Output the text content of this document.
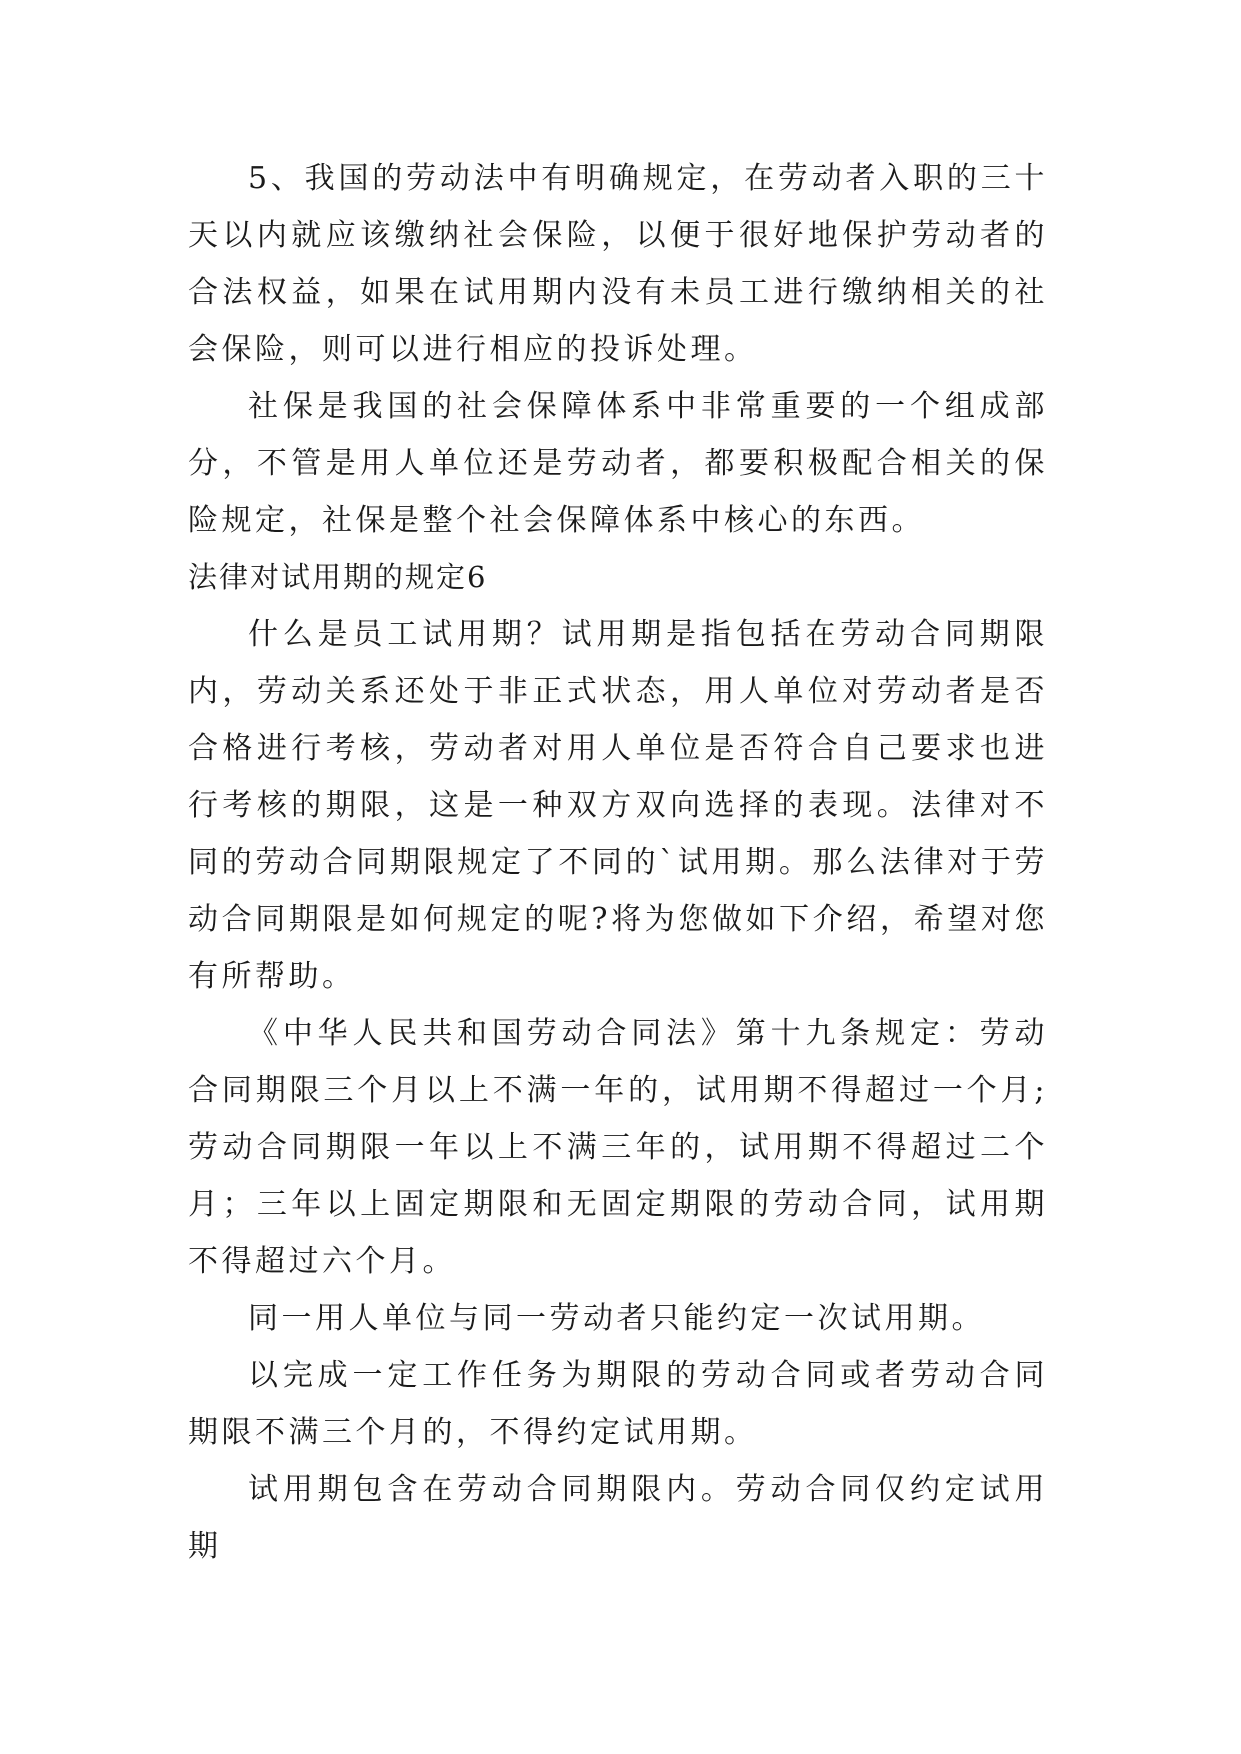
5、我国的劳动法中有明确规定，在劳动者入职的三十天以内就应该缴纳社会保险，以便于很好地保护劳动者的合法权益，如果在试用期内没有未员工进行缴纳相关的社会保险，则可以进行相应的投诉处理。

社保是我国的社会保障体系中非常重要的一个组成部分，不管是用人单位还是劳动者，都要积极配合相关的保险规定，社保是整个社会保障体系中核心的东西。

法律对试用期的规定6

什么是员工试用期？试用期是指包括在劳动合同期限内，劳动关系还处于非正式状态，用人单位对劳动者是否合格进行考核，劳动者对用人单位是否符合自己要求也进行考核的期限，这是一种双方双向选择的表现。法律对不同的劳动合同期限规定了不同的`试用期。那么法律对于劳动合同期限是如何规定的呢?将为您做如下介绍，希望对您有所帮助。

《中华人民共和国劳动合同法》第十九条规定：劳动合同期限三个月以上不满一年的，试用期不得超过一个月;劳动合同期限一年以上不满三年的，试用期不得超过二个月；三年以上固定期限和无固定期限的劳动合同，试用期不得超过六个月。

同一用人单位与同一劳动者只能约定一次试用期。

以完成一定工作任务为期限的劳动合同或者劳动合同期限不满三个月的，不得约定试用期。

试用期包含在劳动合同期限内。劳动合同仅约定试用期
